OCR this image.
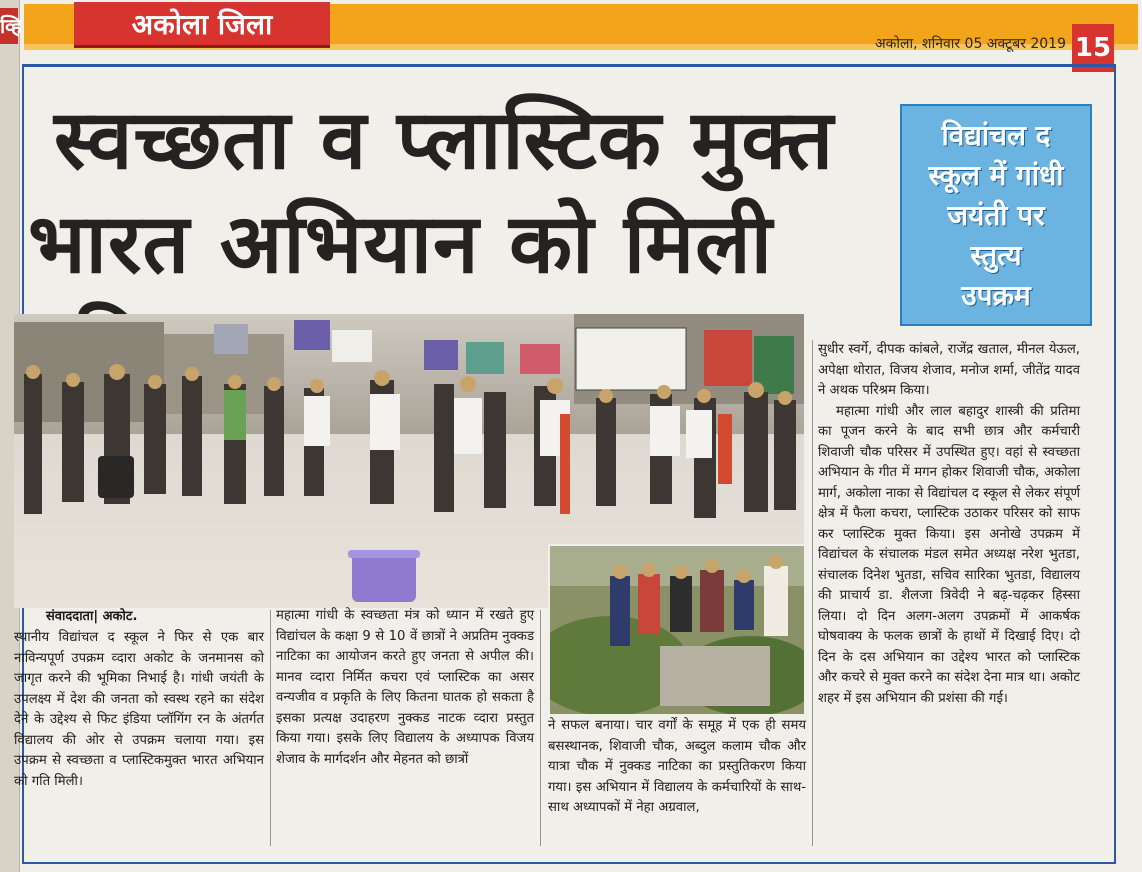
व्हि	अकोला जिला
अकोला, शनिवार 05 अक्टूबर 2019 15
स्वच्छता व प्लास्टिक मुक्त
भारत अभियान को मिली
विद्यांचल द
स्कूल में गांधी
जयंती पर
स्तुत्य
उपक्रम
संवाददाता| अकोट.

स्थानीय विद्यांचल द स्कूल ने फिर से एक बार नाविन्यपूर्ण उपक्रम व्दारा अकोट के जनमानस को जागृत करने की भूमिका निभाई है। गांधी जयंती के उपलक्ष्य में देश की जनता को स्वस्थ रहने का संदेश देने के उद्देश्य से फिट इंडिया प्लॉगिंग रन के अंतर्गत विद्यालय की ओर से उपक्रम चलाया गया। इस उपक्रम से स्वच्छता व प्लास्टिकमुक्त भारत अभियान को गति मिली।

महात्मा गांधी के स्वच्छता मंत्र को ध्यान में रखते हुए विद्यांचल के कक्षा 9 से 10 वें छात्रों ने अप्रतिम नुक्कड नाटिका का आयोजन करते हुए जनता से अपील की। मानव व्दारा निर्मित कचरा एवं प्लास्टिक का असर वन्यजीव व प्रकृति के लिए कितना घातक हो सकता है इसका प्रत्यक्ष उदाहरण नुक्कड नाटक व्दारा प्रस्तुत किया गया। इसके लिए विद्यालय के अध्यापक विजय शेजाव के मार्गदर्शन और मेहनत को छात्रों

ने सफल बनाया। चार वर्गों के समूह में एक ही समय बसस्थानक, शिवाजी चौक, अब्दुल कलाम चौक और यात्रा चौक में नुक्कड नाटिका का प्रस्तुतिकरण किया गया। इस अभियान में विद्यालय के कर्मचारियों के साथ-साथ अध्यापकों में नेहा अग्रवाल,

सुधीर स्वर्गे, दीपक कांबले, राजेंद्र खताल, मीनल येऊल, अपेक्षा थोरात, विजय शेजाव, मनोज शर्मा, जीतेंद्र यादव ने अथक परिश्रम किया।

महात्मा गांधी और लाल बहादुर शास्त्री की प्रतिमा का पूजन करने के बाद सभी छात्र और कर्मचारी शिवाजी चौक परिसर में उपस्थित हुए। वहां से स्वच्छता अभियान के गीत में मगन होकर शिवाजी चौक, अकोला मार्ग, अकोला नाका से विद्यांचल द स्कूल से लेकर संपूर्ण क्षेत्र में फैला कचरा, प्लास्टिक उठाकर परिसर को साफ कर प्लास्टिक मुक्त किया। इस अनोखे उपक्रम में विद्यांचल के संचालक मंडल समेत अध्यक्ष नरेश भुतडा, संचालक दिनेश भुतडा, सचिव सारिका भुतडा, विद्यालय की प्राचार्य डा. शैलजा त्रिवेदी ने बढ़-चढ़कर हिस्सा लिया। दो दिन अलग-अलग उपक्रमों में आकर्षक घोषवाक्य के फलक छात्रों के हाथों में दिखाई दिए। दो दिन के दस अभियान का उद्देश्य भारत को प्लास्टिक और कचरे से मुक्त करने का संदेश देना मात्र था। अकोट शहर में इस अभियान की प्रशंसा की गई।
